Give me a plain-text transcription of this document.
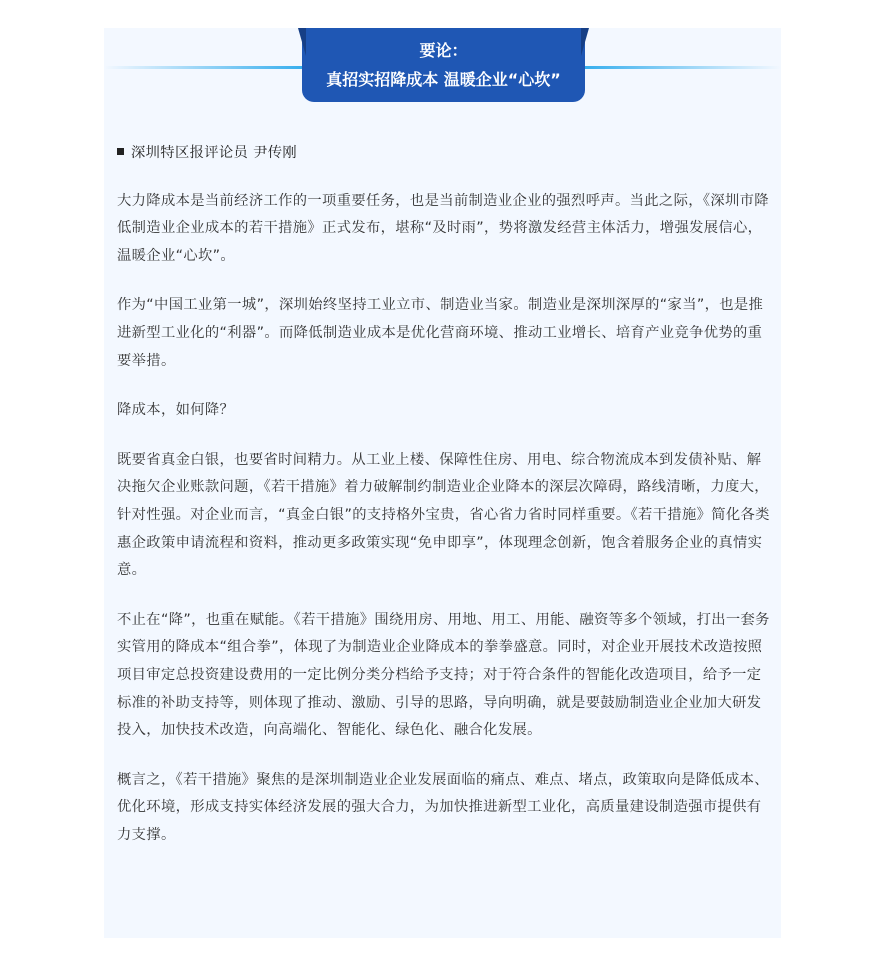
要论：
真招实招降成本 温暖企业“心坎”
深圳特区报评论员 尹传刚

大力降成本是当前经济工作的一项重要任务，也是当前制造业企业的强烈呼声。当此之际，《深圳市降低制造业企业成本的若干措施》正式发布，堪称“及时雨”，势将激发经营主体活力，增强发展信心，温暖企业“心坎”。

作为“中国工业第一城”，深圳始终坚持工业立市、制造业当家。制造业是深圳深厚的“家当”，也是推进新型工业化的“利器”。而降低制造业成本是优化营商环境、推动工业增长、培育产业竞争优势的重要举措。

降成本，如何降？

既要省真金白银，也要省时间精力。从工业上楼、保障性住房、用电、综合物流成本到发债补贴、解决拖欠企业账款问题，《若干措施》着力破解制约制造业企业降本的深层次障碍，路线清晰，力度大，针对性强。对企业而言，“真金白银”的支持格外宝贵，省心省力省时同样重要。《若干措施》简化各类惠企政策申请流程和资料，推动更多政策实现“免申即享”，体现理念创新，饱含着服务企业的真情实意。

不止在“降”，也重在赋能。《若干措施》围绕用房、用地、用工、用能、融资等多个领域，打出一套务实管用的降成本“组合拳”，体现了为制造业企业降成本的拳拳盛意。同时，对企业开展技术改造按照项目审定总投资建设费用的一定比例分类分档给予支持；对于符合条件的智能化改造项目，给予一定标准的补助支持等，则体现了推动、激励、引导的思路，导向明确，就是要鼓励制造业企业加大研发投入，加快技术改造，向高端化、智能化、绿色化、融合化发展。

概言之，《若干措施》聚焦的是深圳制造业企业发展面临的痛点、难点、堵点，政策取向是降低成本、优化环境，形成支持实体经济发展的强大合力，为加快推进新型工业化，高质量建设制造强市提供有力支撑。
